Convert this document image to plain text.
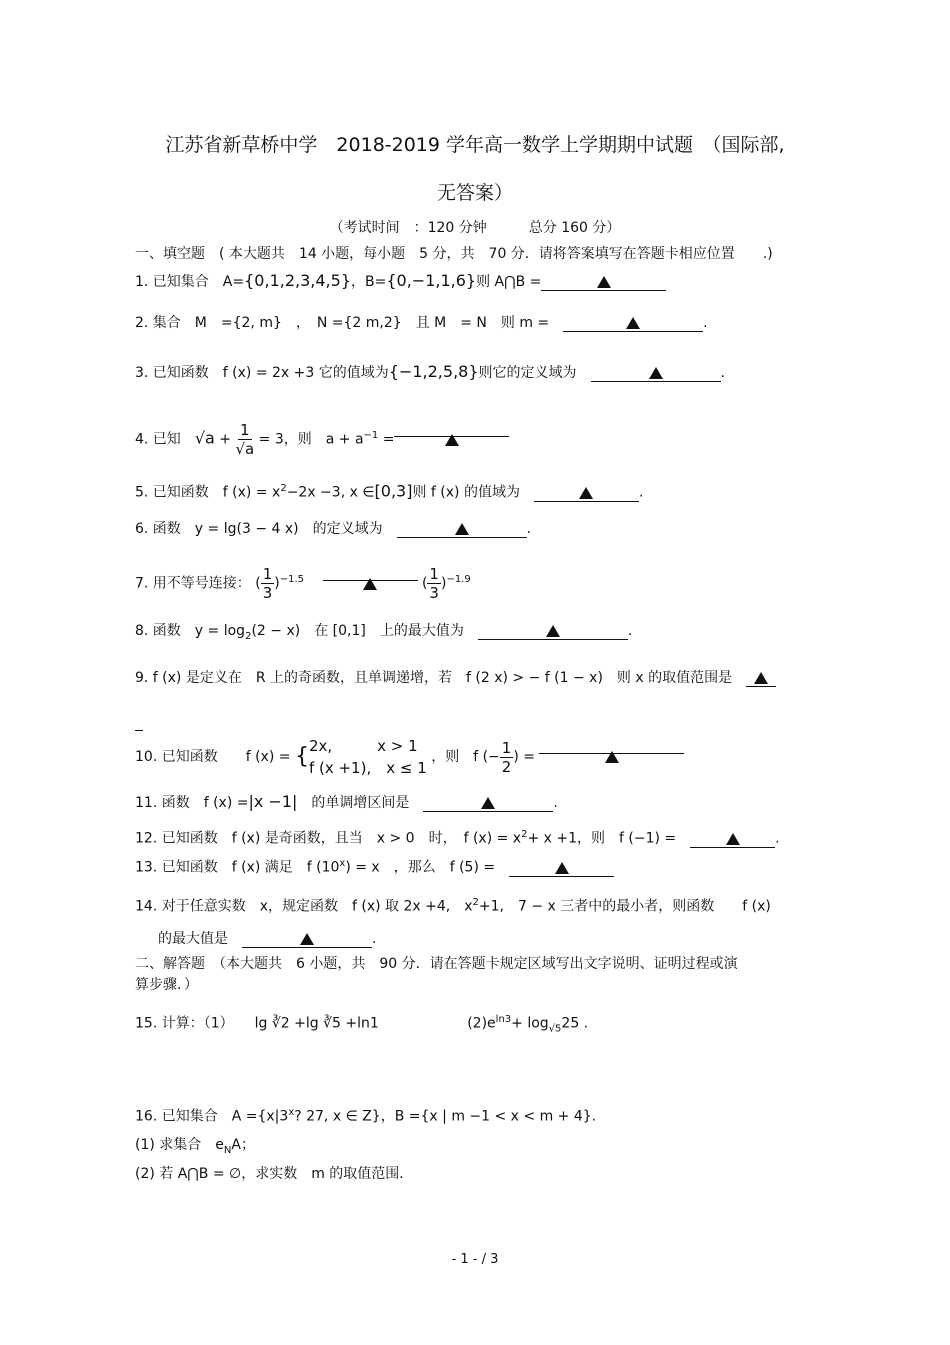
江苏省新草桥中学　2018-2019 学年高一数学上学期期中试题　（国际部,
无答案）
（考试时间　：120 分钟　　　总分 160 分）
一、填空题　( 本大题共　14 小题，每小题　5 分，共　70 分．请将答案填写在答题卡相应位置　　.)
1. 已知集合　A={0,1,2,3,4,5}，B={0,−1,1,6}则 A⋂B =
2. 集合　M　={2, m}　，　N ={2 m,2}　且 M　= N　则 m =　	.
3. 已知函数　f (x) = 2x +3 它的值域为{−1,2,5,8}则它的定义域为　	.
4. 已知　 $√a + \frac{1}{√a} = 3$，则　$a + a^{-1}$ =
5. 已知函数　f $(x) = x^2-2x -3$, x ∈[0,3]则 f (x) 的值域为　	.
6. 函数　y = lg(3 − 4 x)　的定义域为　	.
7. 用不等号连接： ( $\frac{1}{3} )^{-1.5}$ 　	( $\frac{1}{3} )^{-1.9}$
8. 函数　$y = \log_2(2 - x)$　在 [0,1]　上的最大值为　	.
9. f (x) 是定义在　R 上的奇函数，且单调递增，若　f (2 x) > − f (1 − x)　则 x 的取值范围是　
10. 已知函数　　f (x) = { 2x,　　　x > 1
f (x +1),　x ≤ 1
，则　f (− $\frac{1}{2}$ ) =
11. 函数　f (x) =|x −1|　 的单调增区间是　	.
12. 已知函数　f (x) 是奇函数，且当　x > 0　时，　f $(x) = x^2+ x +1$，则　f (−1) =　	.
13. 已知函数　f (x) 满足　f $(10^x) = x$　，那么　f (5) =　
14. 对于任意实数　x，规定函数　f (x) 取 2x +4,　$x^2+1$,　7 − x 三者中的最小者，则函数　　f (x)
的最大值是　	.
二、解答题　（本大题共　6 小题，共　90 分．请在答题卡规定区域写出文字说明、证明过程或演
算步骤．）
15. 计算：（1）　　lg ∛2 +lg ∛5 +ln1　　　　　　	$(2)e^{ln3}+ \log_{√5}25$ .
16. 已知集合　$A =\{x|3^x$? 27, x ∈ Z}，B ={x | m −1 < x < m + 4}.
(1) 求集合　$e_NA$；
(2) 若 A⋂B = ∅，求实数　m 的取值范围．
- 1 - / 3
